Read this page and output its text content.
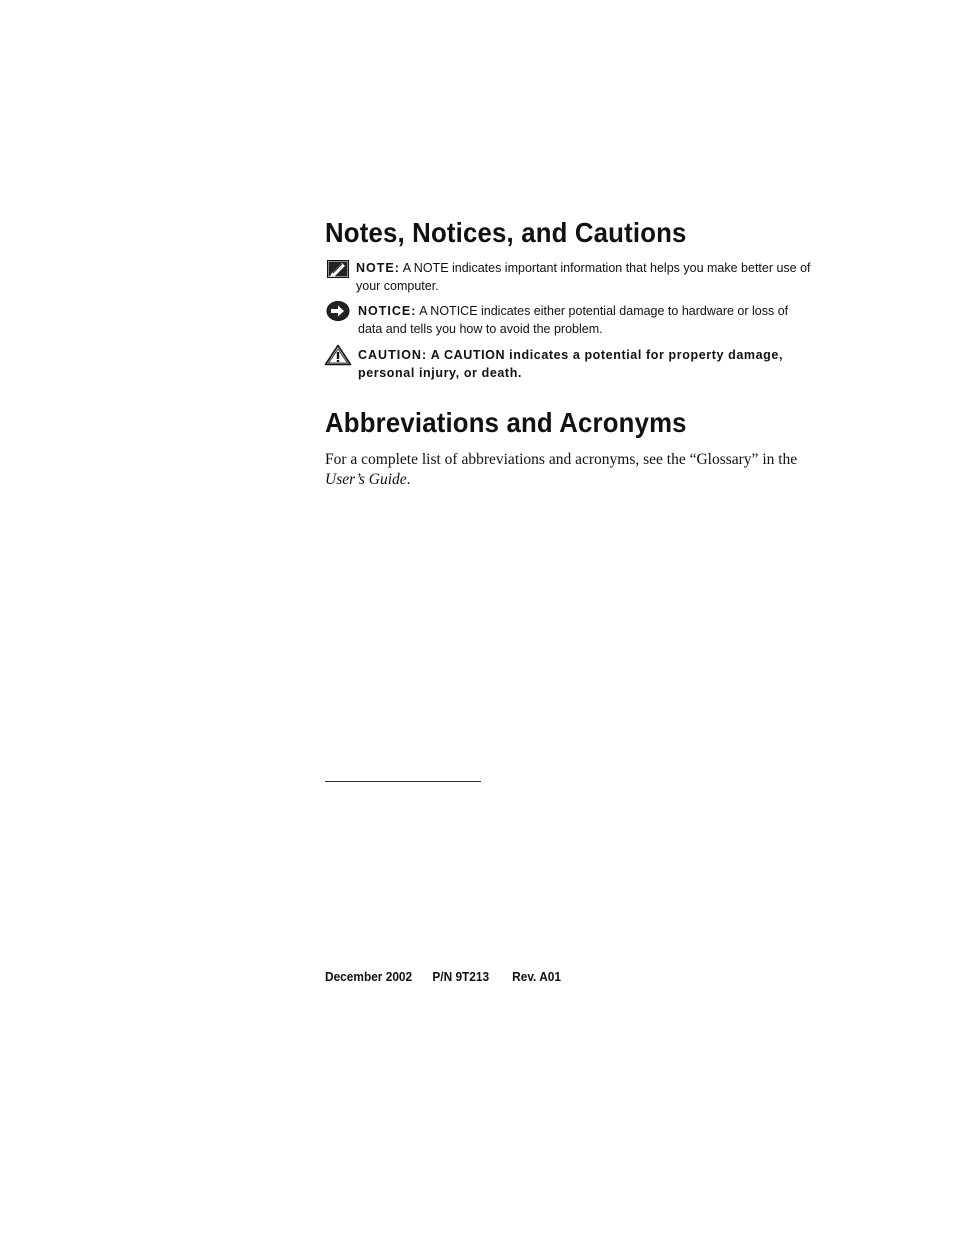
Notes, Notices, and Cautions
NOTE: A NOTE indicates important information that helps you make better use of your computer.
NOTICE: A NOTICE indicates either potential damage to hardware or loss of data and tells you how to avoid the problem.
CAUTION: A CAUTION indicates a potential for property damage, personal injury, or death.
Abbreviations and Acronyms
For a complete list of abbreviations and acronyms, see the “Glossary” in the User’s Guide.
December 2002 P/N 9T213 Rev. A01
